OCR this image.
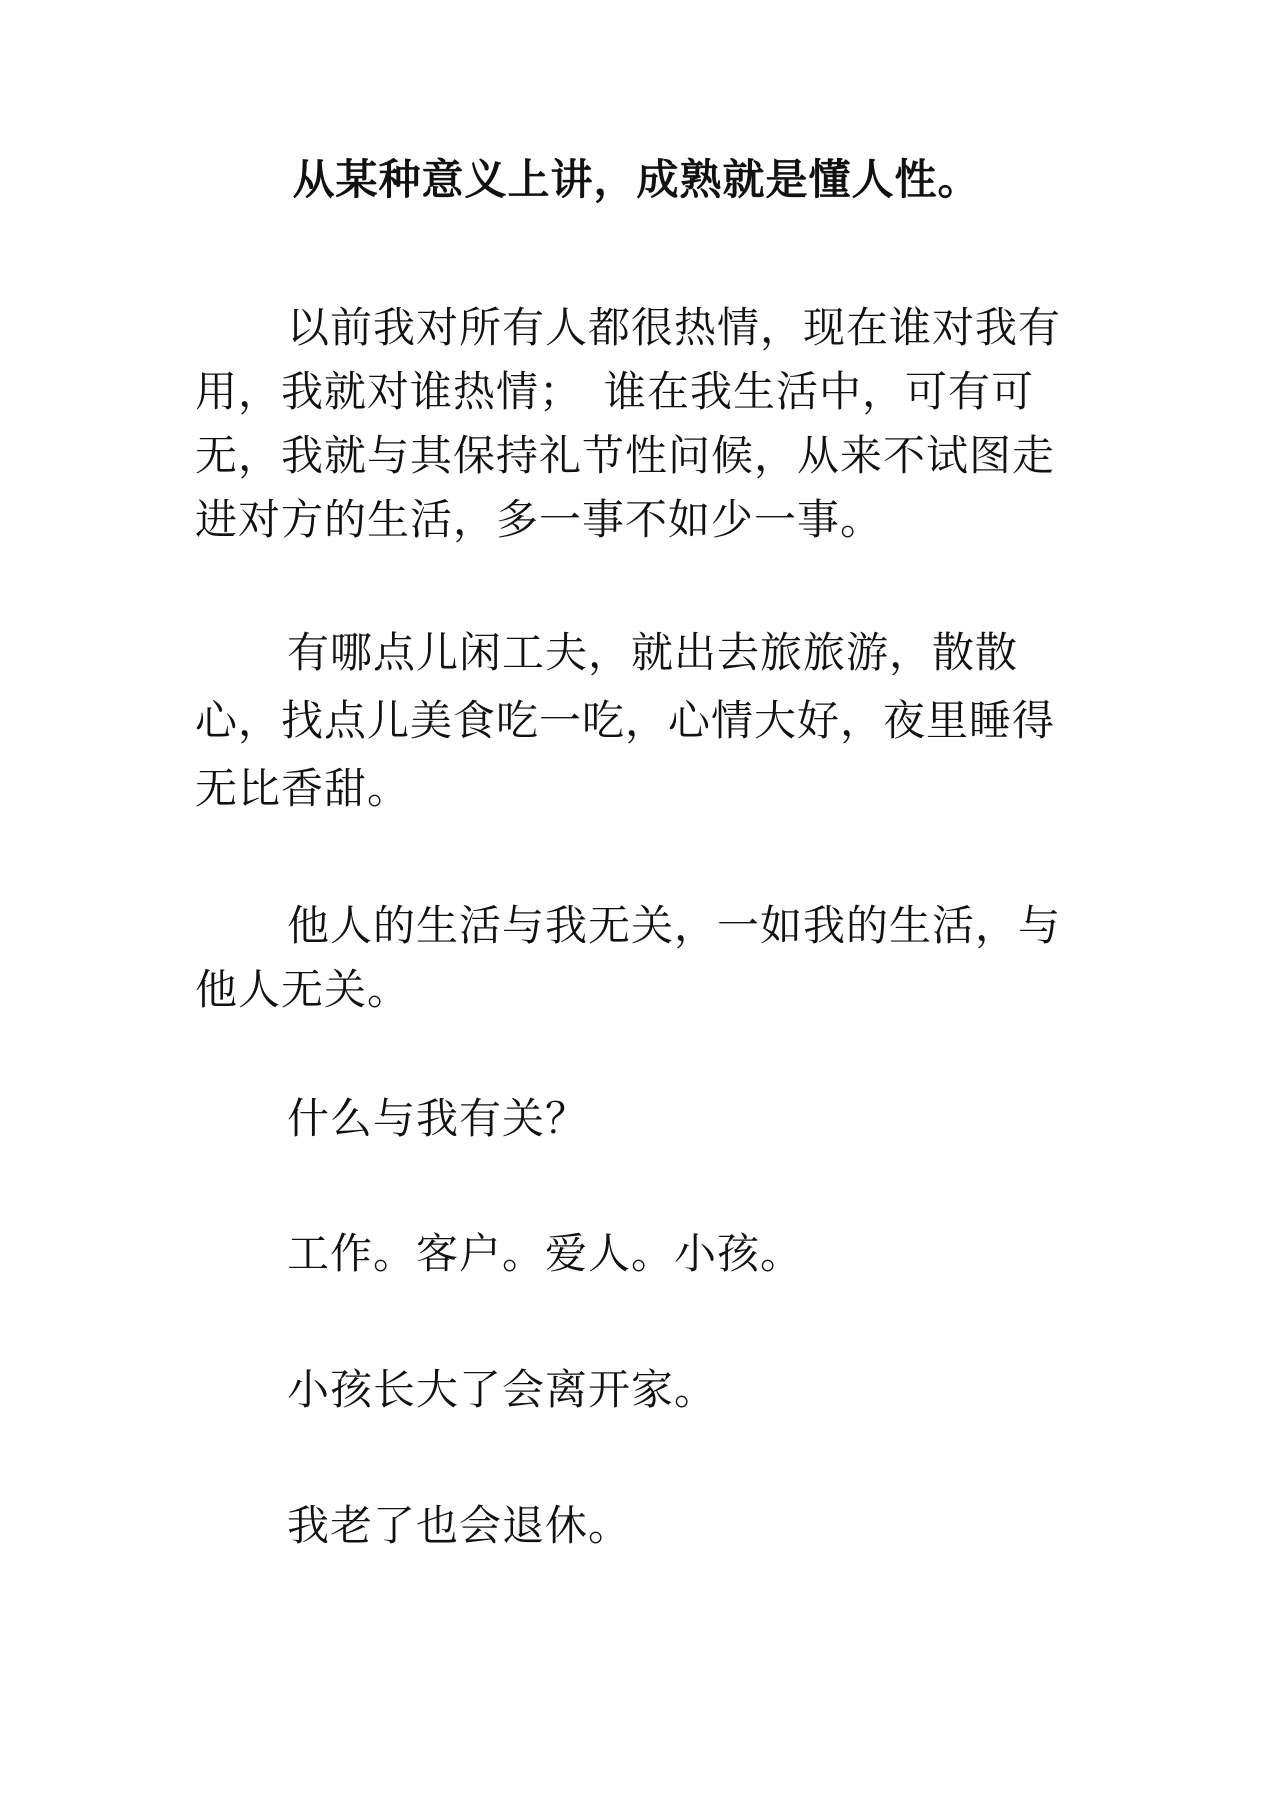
从某种意义上讲，成熟就是懂人性。

以前我对所有人都很热情，现在谁对我有用，我就对谁热情；　谁在我生活中，可有可无，我就与其保持礼节性问候，从来不试图走进对方的生活，多一事不如少一事。

有哪点儿闲工夫，就出去旅旅游，散散心，找点儿美食吃一吃，心情大好，夜里睡得无比香甜。

他人的生活与我无关，一如我的生活，与他人无关。

什么与我有关？

工作。客户。爱人。小孩。

小孩长大了会离开家。

我老了也会退休。
